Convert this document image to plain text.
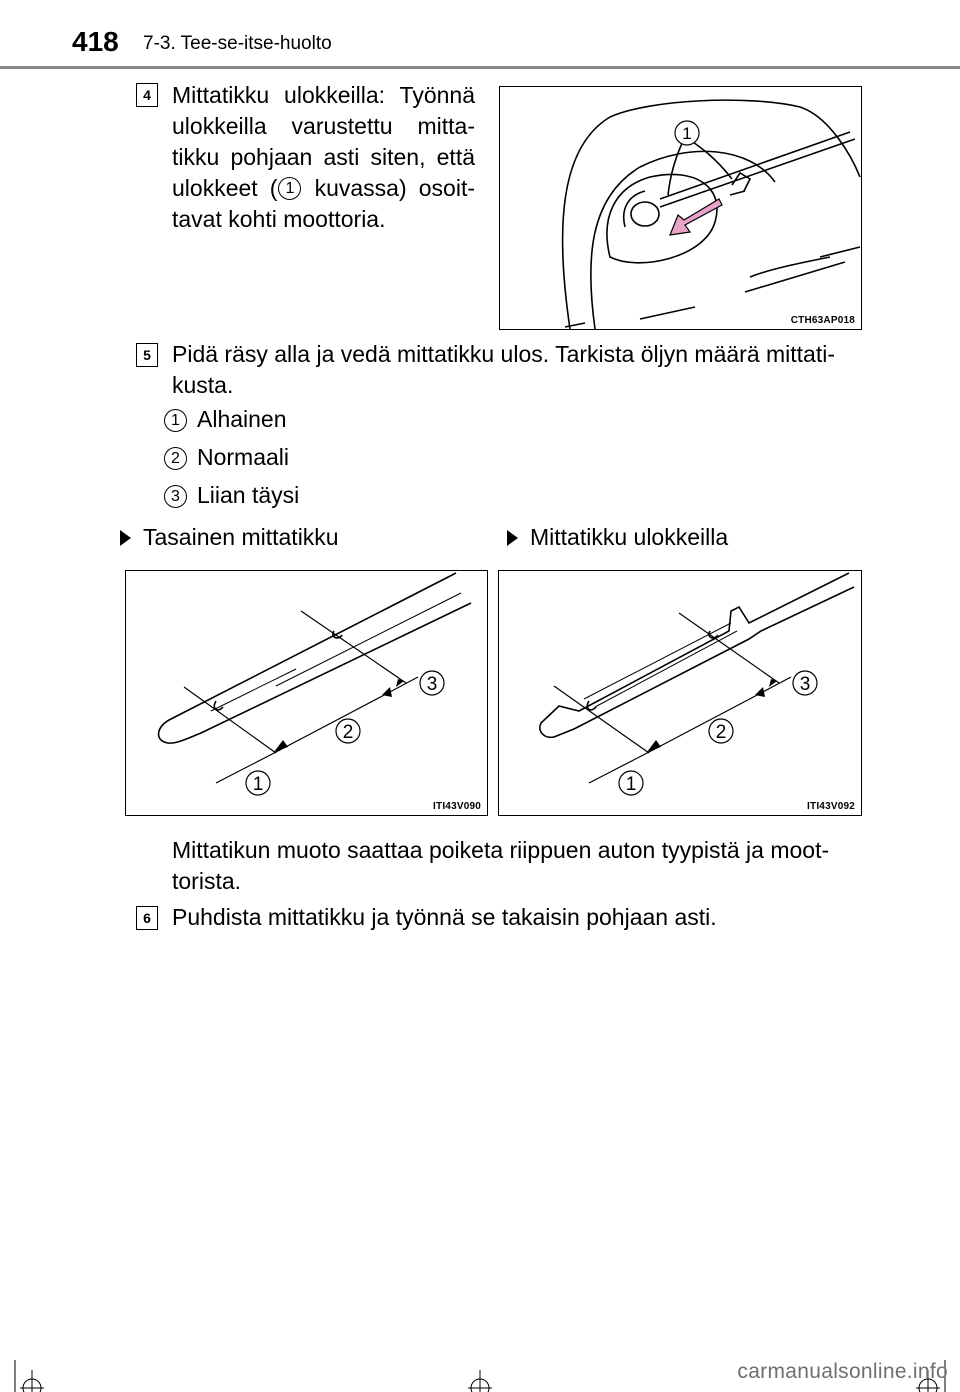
418 7-3. Tee-se-itse-huolto
4 Mittatikku ulokkeilla: Työnnä ulokkeilla varustettu mitta- tikku pohjaan asti siten, että ulokkeet ( 1 kuvassa) osoit- tavat kohti moottoria.
1
CTH63AP018
5 Pidä räsy alla ja vedä mittatikku ulos. Tarkista öljyn määrä mittati- kusta.
1 Alhainen
2 Normaali
3 Liian täysi
Tasainen mittatikku	Mittatikku ulokkeilla
1
2
3
ITI43V090
1
2
3
ITI43V092
Mittatikun muoto saattaa poiketa riippuen auton tyypistä ja moot- torista.
6 Puhdista mittatikku ja työnnä se takaisin pohjaan asti.
carmanualsonline.info
